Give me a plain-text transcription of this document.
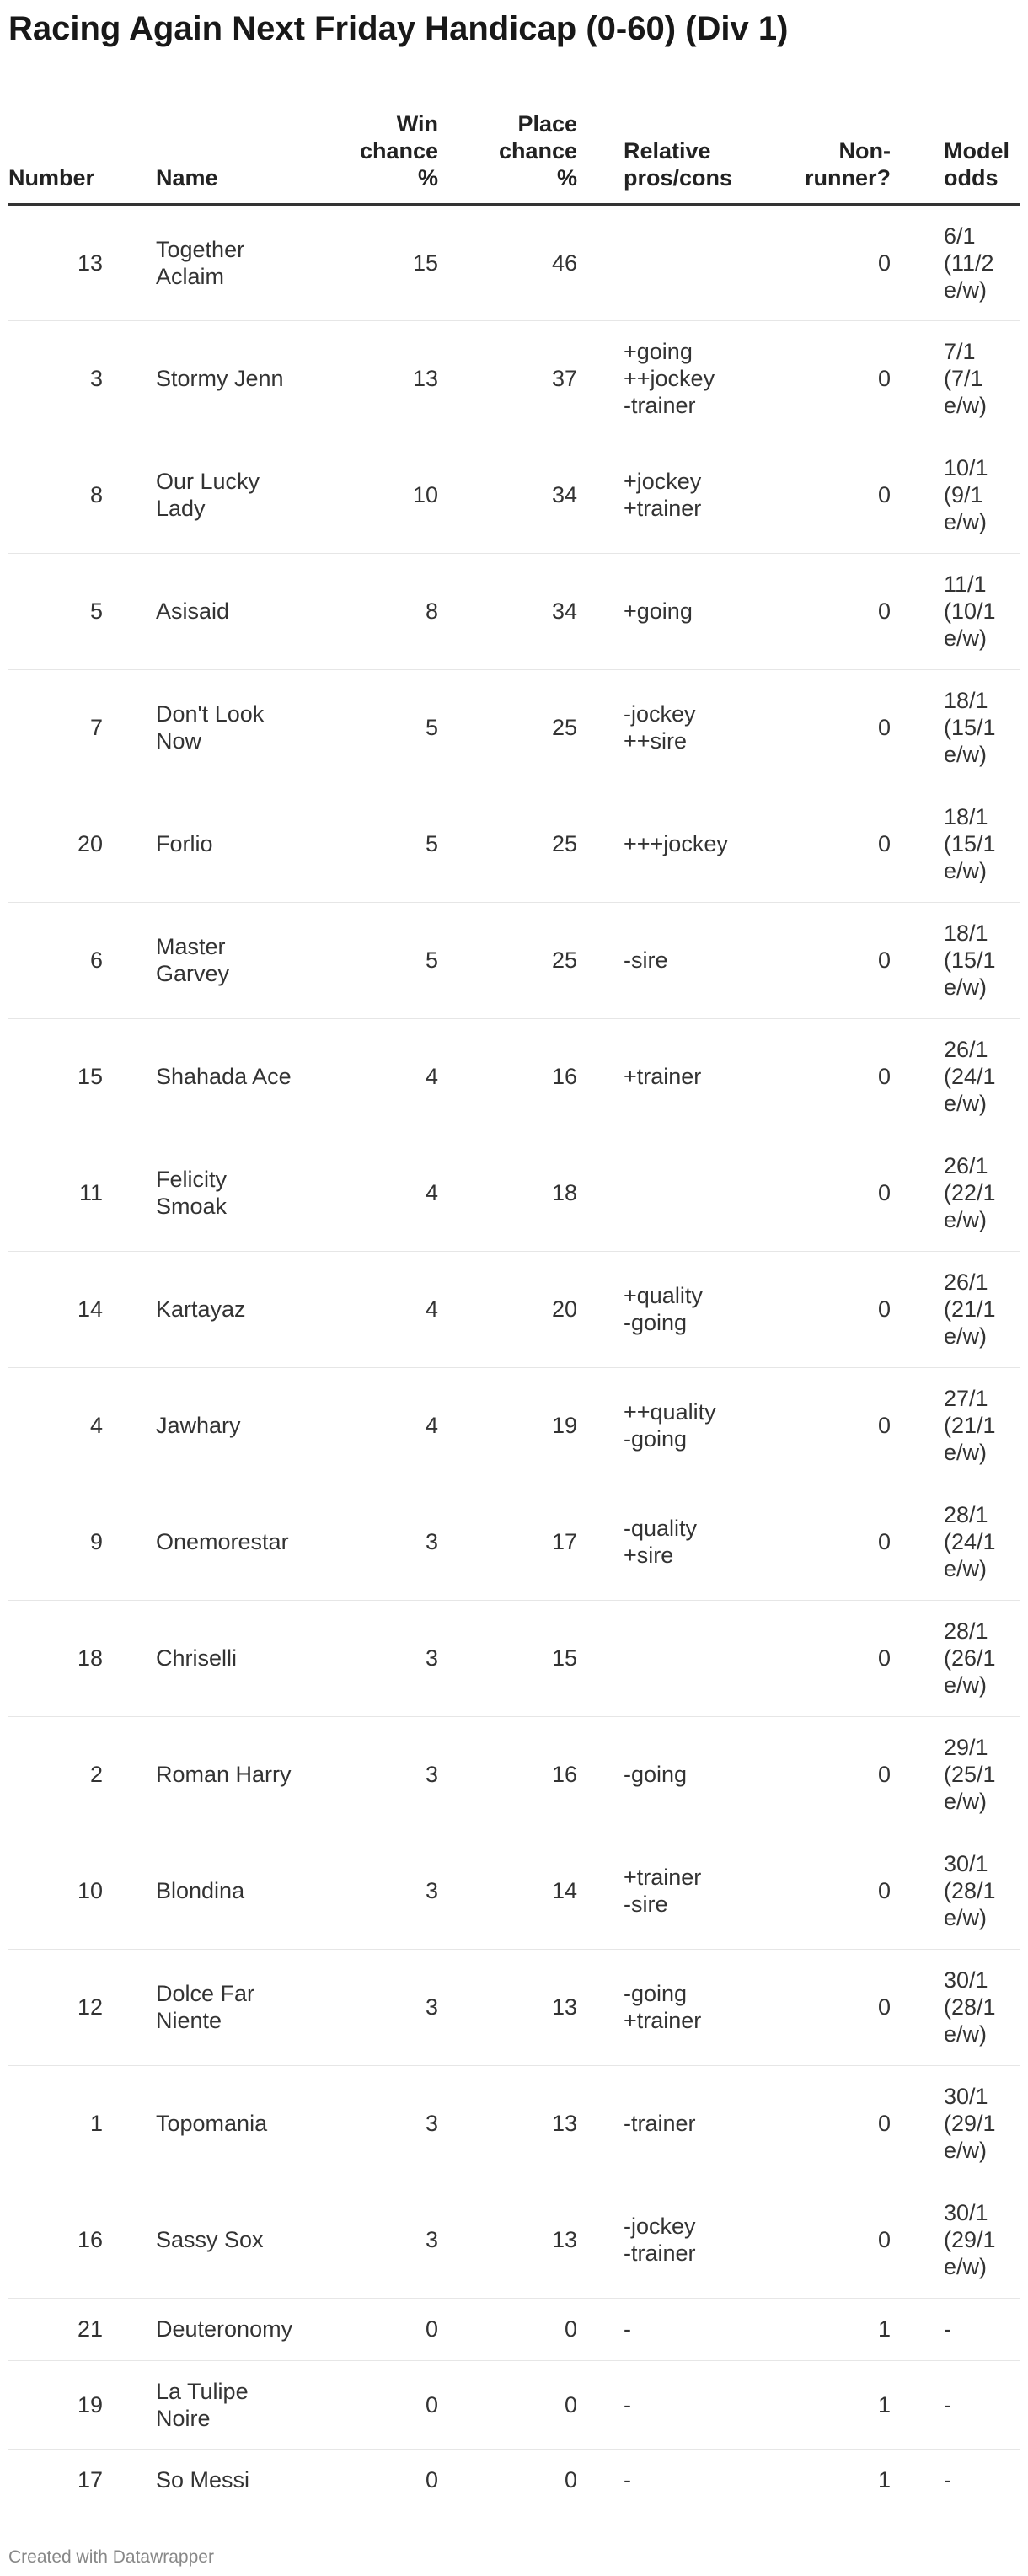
Racing Again Next Friday Handicap (0-60) (Div 1)
Number		Name	Win
chance
%	Place
chance
%		Relative
pros/cons	Non-
runner?		Model
odds

13		Together Aclaim	15	46			0		6/1
(11/2
e/w)

3		Stormy Jenn	13	37		+going
++jockey
-trainer	0		7/1
(7/1
e/w)

8		Our Lucky Lady	10	34		+jockey
+trainer	0		10/1
(9/1
e/w)

5		Asisaid	8	34		+going	0		11/1
(10/1
e/w)

7		Don't Look Now	5	25		-jockey
++sire	0		18/1
(15/1
e/w)

20		Forlio	5	25		+++jockey	0		18/1
(15/1
e/w)

6		Master Garvey	5	25		-sire	0		18/1
(15/1
e/w)

15		Shahada Ace	4	16		+trainer	0		26/1
(24/1
e/w)

11		Felicity Smoak	4	18			0		26/1
(22/1
e/w)

14		Kartayaz	4	20		+quality
-going	0		26/1
(21/1
e/w)

4		Jawhary	4	19		++quality
-going	0		27/1
(21/1
e/w)

9		Onemorestar	3	17		-quality
+sire	0		28/1
(24/1
e/w)

18		Chriselli	3	15			0		28/1
(26/1
e/w)

2		Roman Harry	3	16		-going	0		29/1
(25/1
e/w)

10		Blondina	3	14		+trainer
-sire	0		30/1
(28/1
e/w)

12		Dolce Far Niente	3	13		-going
+trainer	0		30/1
(28/1
e/w)

1		Topomania	3	13		-trainer	0		30/1
(29/1
e/w)

16		Sassy Sox	3	13		-jockey
-trainer	0		30/1
(29/1
e/w)

21		Deuteronomy	0	0		-	1		-

19		La Tulipe Noire	0	0		-	1		-

17		So Messi	0	0		-	1		-
Created with Datawrapper
